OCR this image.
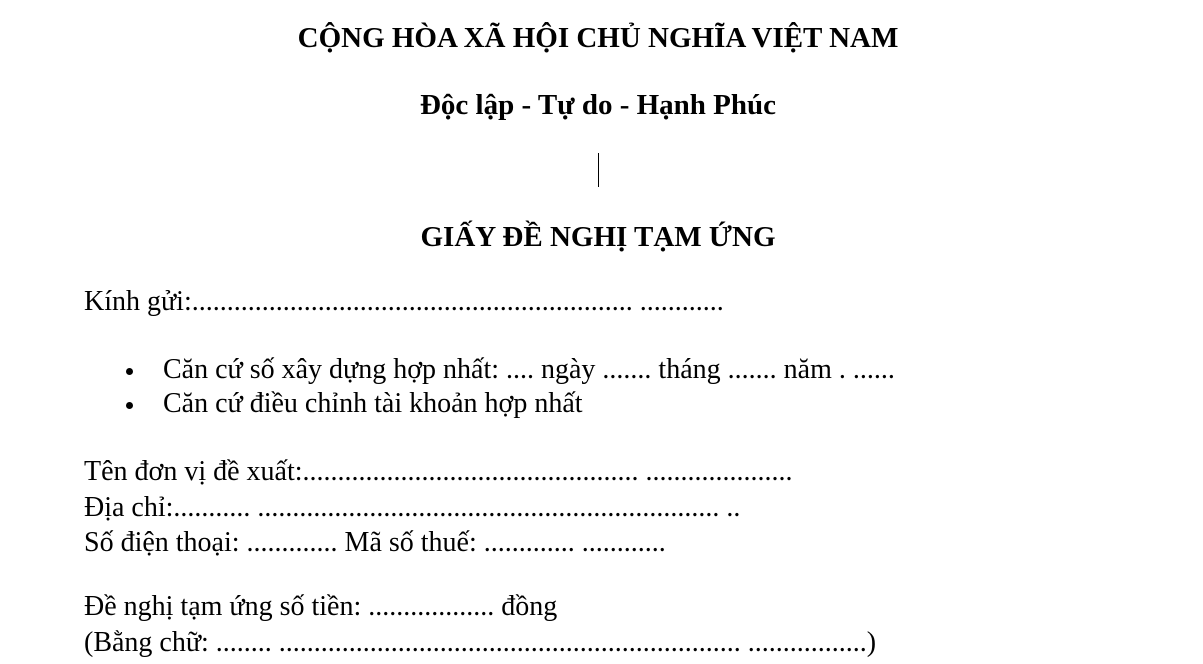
CỘNG HÒA XÃ HỘI CHỦ NGHĨA VIỆT NAM
Độc lập - Tự do - Hạnh Phúc
GIẤY ĐỀ NGHỊ TẠM ỨNG
Kính gửi:............................................................... ............
Căn cứ số xây dựng hợp nhất: .... ngày ....... tháng ....... năm . ......
Căn cứ điều chỉnh tài khoản hợp nhất
Tên đơn vị đề xuất:................................................ .....................
Địa chỉ:........... .................................................................. ..
Số điện thoại: ............. Mã số thuế: ............. ............
Đề nghị tạm ứng số tiền: .................. đồng
(Bằng chữ: ........ .................................................................. .................)
